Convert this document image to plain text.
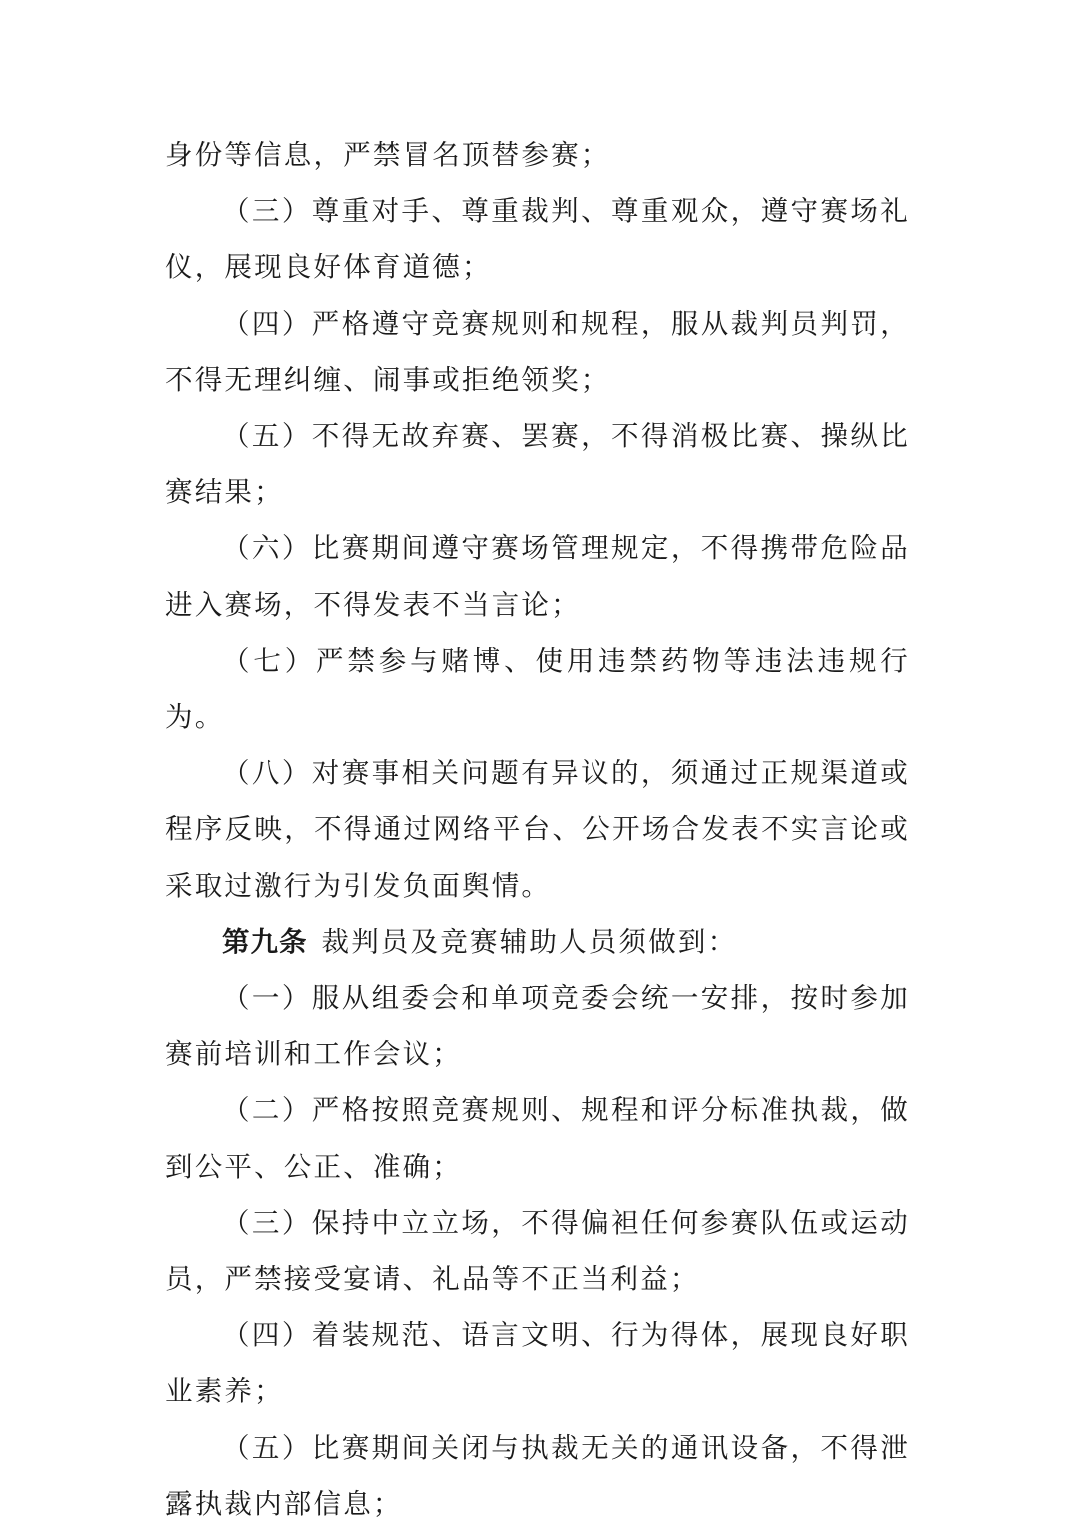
身份等信息，严禁冒名顶替参赛；

（三）尊重对手、尊重裁判、尊重观众，遵守赛场礼仪，展现良好体育道德；

（四）严格遵守竞赛规则和规程，服从裁判员判罚，不得无理纠缠、闹事或拒绝领奖；

（五）不得无故弃赛、罢赛，不得消极比赛、操纵比赛结果；

（六）比赛期间遵守赛场管理规定，不得携带危险品进入赛场，不得发表不当言论；

（七）严禁参与赌博、使用违禁药物等违法违规行为。

（八）对赛事相关问题有异议的，须通过正规渠道或程序反映，不得通过网络平台、公开场合发表不实言论或采取过激行为引发负面舆情。

第九条 裁判员及竞赛辅助人员须做到：

（一）服从组委会和单项竞委会统一安排，按时参加赛前培训和工作会议；

（二）严格按照竞赛规则、规程和评分标准执裁，做到公平、公正、准确；

（三）保持中立立场，不得偏袒任何参赛队伍或运动员，严禁接受宴请、礼品等不正当利益；

（四）着装规范、语言文明、行为得体，展现良好职业素养；

（五）比赛期间关闭与执裁无关的通讯设备，不得泄露执裁内部信息；
